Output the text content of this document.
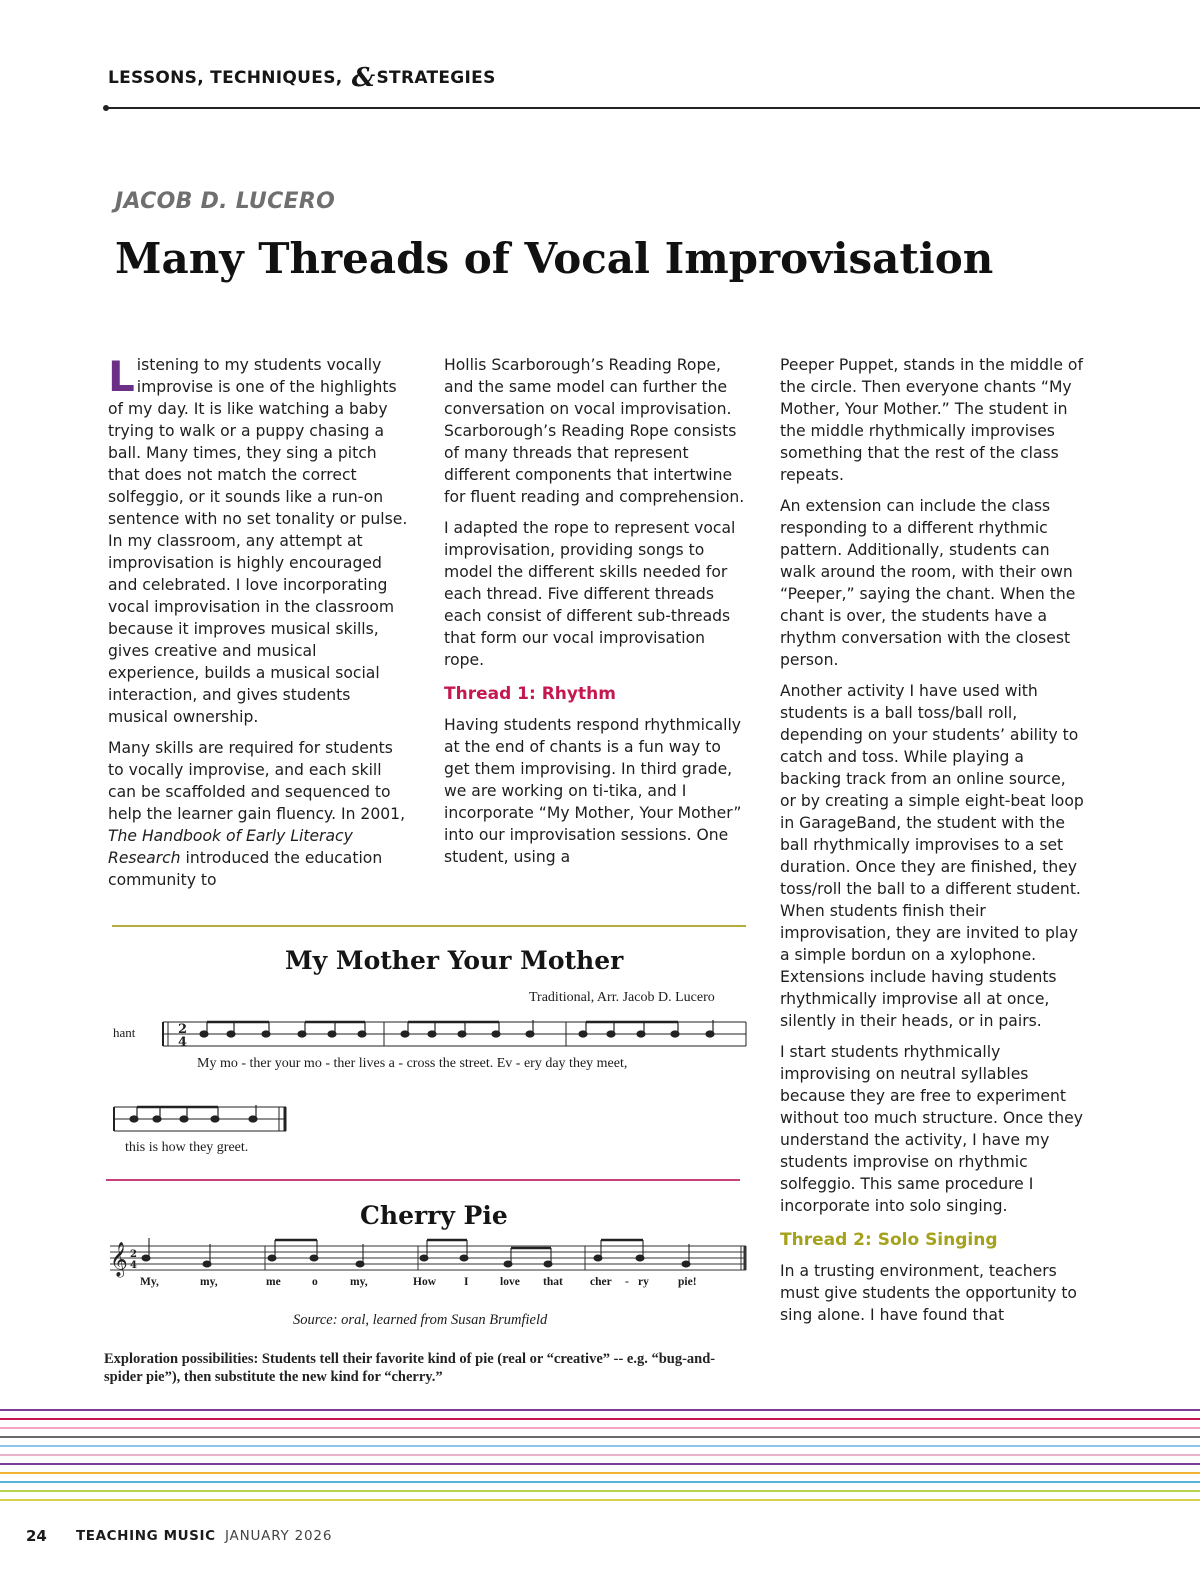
LESSONS, TECHNIQUES, &STRATEGIES
JACOB D. LUCERO
Many Threads of Vocal Improvisation

Listening to my students vocally improvise is one of the highlights of my day. It is like watching a baby trying to walk or a puppy chasing a ball. Many times, they sing a pitch that does not match the correct solfeggio, or it sounds like a run-on sentence with no set tonality or pulse. In my classroom, any attempt at improvisation is highly encouraged and celebrated. I love incorporating vocal improvisation in the classroom because it improves musical skills, gives creative and musical experience, builds a musical social interaction, and gives students musical ownership.

Many skills are required for students to vocally improvise, and each skill can be scaffolded and sequenced to help the learner gain fluency. In 2001, The Handbook of Early Literacy Research introduced the education community to

Hollis Scarborough’s Reading Rope, and the same model can further the conversation on vocal improvisation. Scarborough’s Reading Rope consists of many threads that represent different components that intertwine for fluent reading and comprehension.

I adapted the rope to represent vocal improvisation, providing songs to model the different skills needed for each thread. Five different threads each consist of different sub-threads that form our vocal improvisation rope.

Thread 1: Rhythm

Having students respond rhythmically at the end of chants is a fun way to get them improvising. In third grade, we are working on ti-tika, and I incorporate “My Mother, Your Mother” into our improvisation sessions. One student, using a

Peeper Puppet, stands in the middle of the circle. Then everyone chants “My Mother, Your Mother.” The student in the middle rhythmically improvises something that the rest of the class repeats.

An extension can include the class responding to a different rhythmic pattern. Additionally, students can walk around the room, with their own “Peeper,” saying the chant. When the chant is over, the students have a rhythm conversation with the closest person.

Another activity I have used with students is a ball toss/ball roll, depending on your students’ ability to catch and toss. While playing a backing track from an online source, or by creating a simple eight-beat loop in GarageBand, the student with the ball rhythmically improvises to a set duration. Once they are finished, they toss/roll the ball to a different student. When students finish their improvisation, they are invited to play a simple bordun on a xylophone. Extensions include having students rhythmically improvise all at once, silently in their heads, or in pairs.

I start students rhythmically improvising on neutral syllables because they are free to experiment without too much structure. Once they understand the activity, I have my students improvise on rhythmic solfeggio. This same procedure I incorporate into solo singing.

Thread 2: Solo Singing

In a trusting environment, teachers must give students the opportunity to sing alone. I have found that

My Mother Your Mother
Traditional, Arr. Jacob D. Lucero
hant	2
4
𝄞 2
4
My mo - ther your mo - ther lives a - cross the street. Ev - ery day they meet,
this is how they greet.
Cherry Pie
My,	my,	me	o	my,	How I	love that cher - ry	pie!
Source: oral, learned from Susan Brumfield
Exploration possibilities: Students tell their favorite kind of pie (real or “creative” -- e.g. “bug-and-spider pie”), then substitute the new kind for “cherry.”
24 TEACHING MUSIC JANUARY 2026
